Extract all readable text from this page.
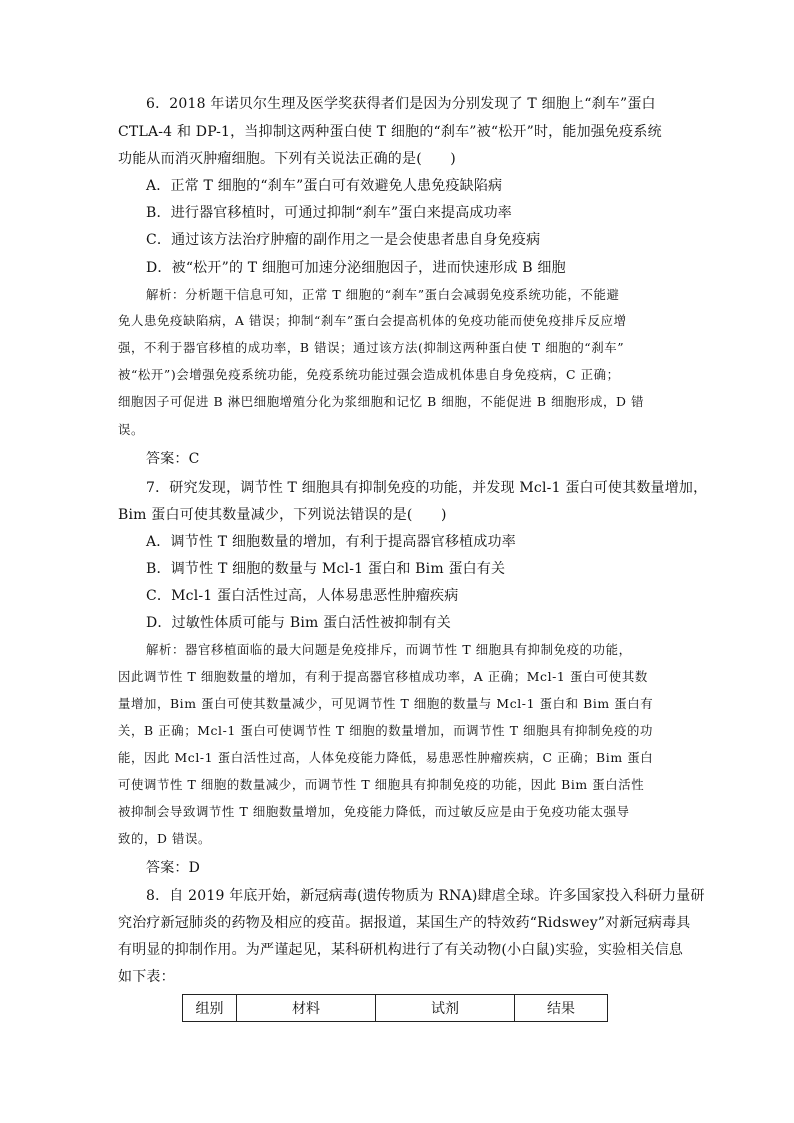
6．2018 年诺贝尔生理及医学奖获得者们是因为分别发现了 T 细胞上“刹车”蛋白
CTLA-4 和 DP-1，当抑制这两种蛋白使 T 细胞的“刹车”被“松开”时，能加强免疫系统
功能从而消灭肿瘤细胞。下列有关说法正确的是(　　)
A．正常 T 细胞的“刹车”蛋白可有效避免人患免疫缺陷病
B．进行器官移植时，可通过抑制“刹车”蛋白来提高成功率
C．通过该方法治疗肿瘤的副作用之一是会使患者患自身免疫病
D．被“松开”的 T 细胞可加速分泌细胞因子，进而快速形成 B 细胞
解析：分析题干信息可知，正常 T 细胞的“刹车”蛋白会减弱免疫系统功能，不能避
免人患免疫缺陷病，A 错误；抑制“刹车”蛋白会提高机体的免疫功能而使免疫排斥反应增
强，不利于器官移植的成功率，B 错误；通过该方法(抑制这两种蛋白使 T 细胞的“刹车”
被“松开”)会增强免疫系统功能，免疫系统功能过强会造成机体患自身免疫病，C 正确；
细胞因子可促进 B 淋巴细胞增殖分化为浆细胞和记忆 B 细胞，不能促进 B 细胞形成，D 错
误。
答案：C
7．研究发现，调节性 T 细胞具有抑制免疫的功能，并发现 Mcl-1 蛋白可使其数量增加，
Bim 蛋白可使其数量减少，下列说法错误的是(　　)
A．调节性 T 细胞数量的增加，有利于提高器官移植成功率
B．调节性 T 细胞的数量与 Mcl-1 蛋白和 Bim 蛋白有关
C．Mcl-1 蛋白活性过高，人体易患恶性肿瘤疾病
D．过敏性体质可能与 Bim 蛋白活性被抑制有关
解析：器官移植面临的最大问题是免疫排斥，而调节性 T 细胞具有抑制免疫的功能，
因此调节性 T 细胞数量的增加，有利于提高器官移植成功率，A 正确；Mcl-1 蛋白可使其数
量增加，Bim 蛋白可使其数量减少，可见调节性 T 细胞的数量与 Mcl-1 蛋白和 Bim 蛋白有
关，B 正确；Mcl-1 蛋白可使调节性 T 细胞的数量增加，而调节性 T 细胞具有抑制免疫的功
能，因此 Mcl-1 蛋白活性过高，人体免疫能力降低，易患恶性肿瘤疾病，C 正确；Bim 蛋白
可使调节性 T 细胞的数量减少，而调节性 T 细胞具有抑制免疫的功能，因此 Bim 蛋白活性
被抑制会导致调节性 T 细胞数量增加，免疫能力降低，而过敏反应是由于免疫功能太强导
致的，D 错误。
答案：D
8．自 2019 年底开始，新冠病毒(遗传物质为 RNA)肆虐全球。许多国家投入科研力量研
究治疗新冠肺炎的药物及相应的疫苗。据报道，某国生产的特效药“Ridswey”对新冠病毒具
有明显的抑制作用。为严谨起见，某科研机构进行了有关动物(小白鼠)实验，实验相关信息
如下表：
组别	材料	试剂	结果
